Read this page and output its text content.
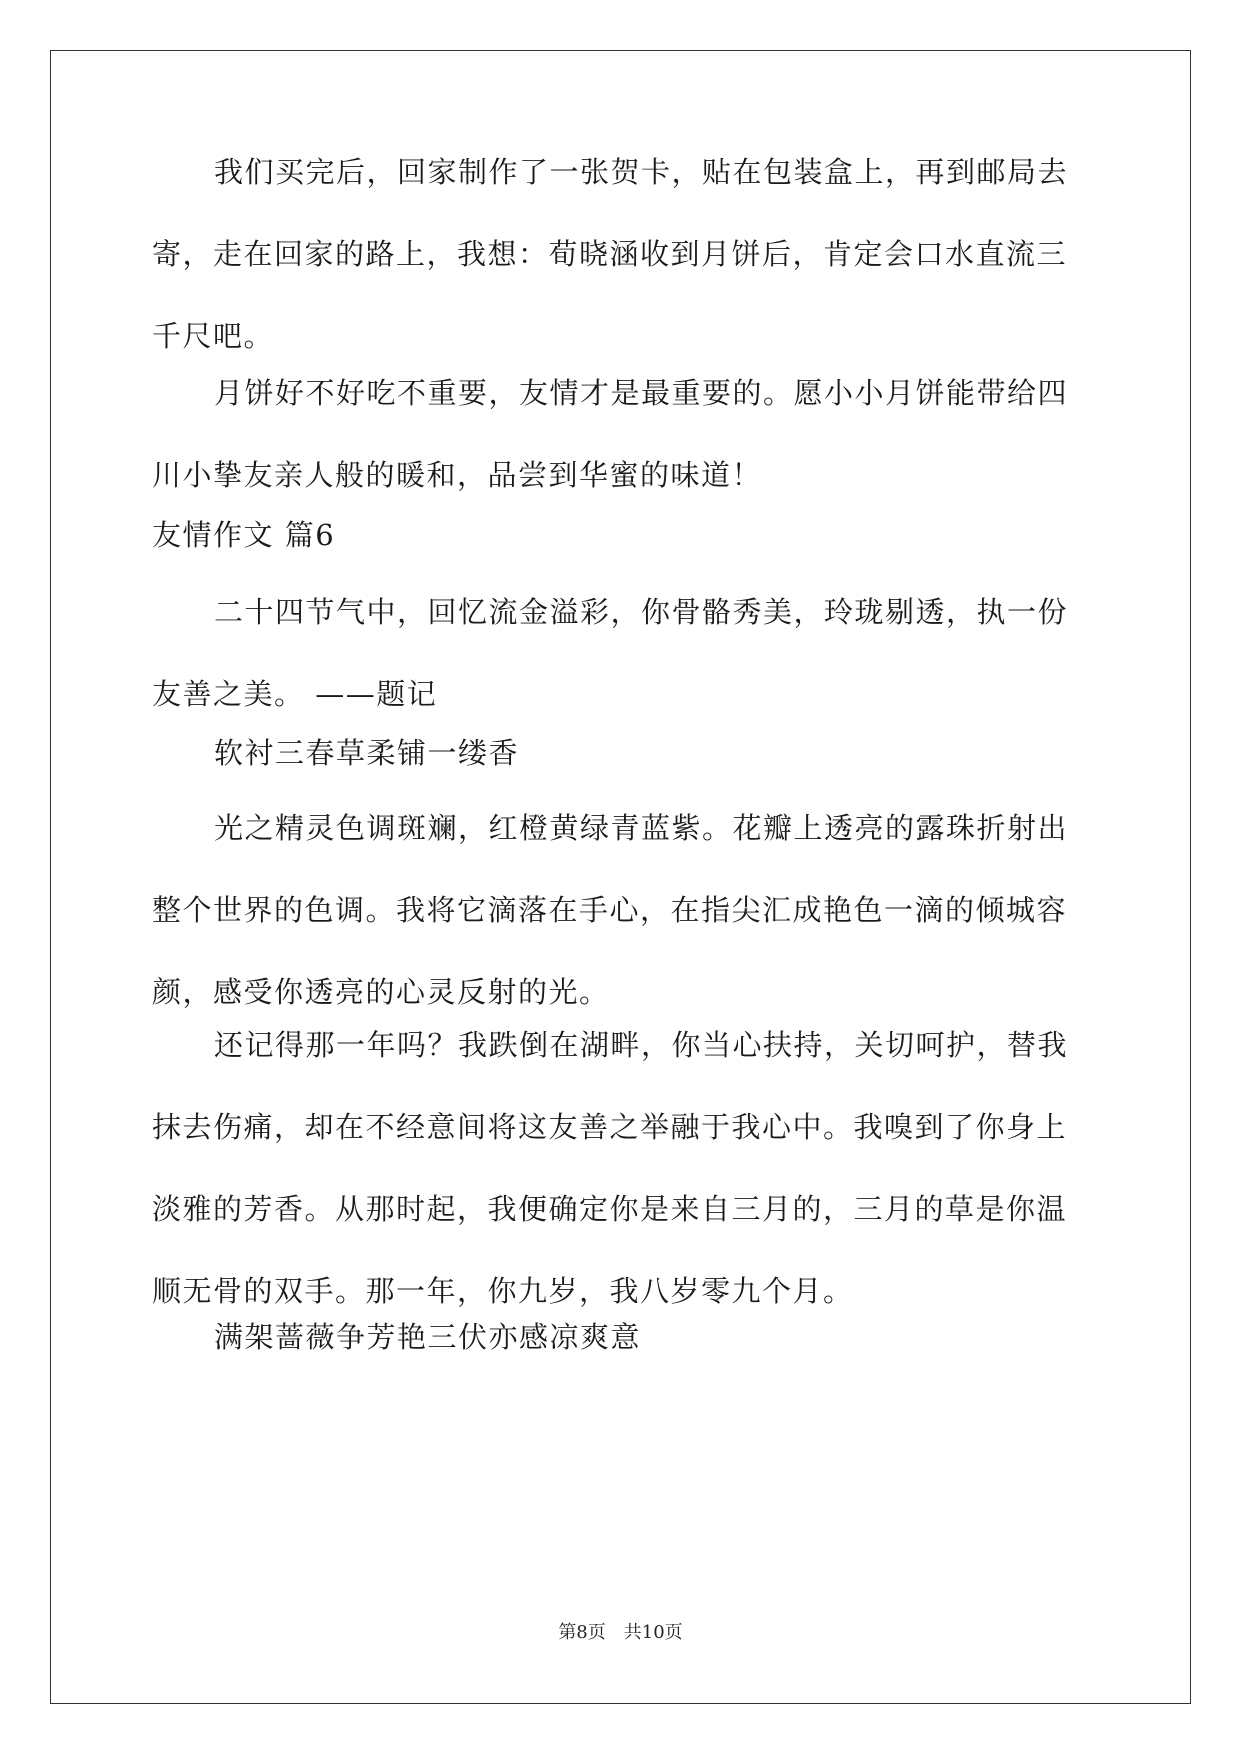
我们买完后，回家制作了一张贺卡，贴在包装盒上，再到邮局去寄，走在回家的路上，我想：荀晓涵收到月饼后，肯定会口水直流三千尺吧。

月饼好不好吃不重要，友情才是最重要的。愿小小月饼能带给四川小挚友亲人般的暖和，品尝到华蜜的味道！

友情作文 篇6

二十四节气中，回忆流金溢彩，你骨骼秀美，玲珑剔透，执一份友善之美。 ——题记

软衬三春草柔铺一缕香

光之精灵色调斑斓，红橙黄绿青蓝紫。花瓣上透亮的露珠折射出整个世界的色调。我将它滴落在手心，在指尖汇成艳色一滴的倾城容颜，感受你透亮的心灵反射的光。

还记得那一年吗？我跌倒在湖畔，你当心扶持，关切呵护，替我抹去伤痛，却在不经意间将这友善之举融于我心中。我嗅到了你身上淡雅的芳香。从那时起，我便确定你是来自三月的，三月的草是你温顺无骨的双手。那一年，你九岁，我八岁零九个月。

满架蔷薇争芳艳三伏亦感凉爽意

第8页 共10页
